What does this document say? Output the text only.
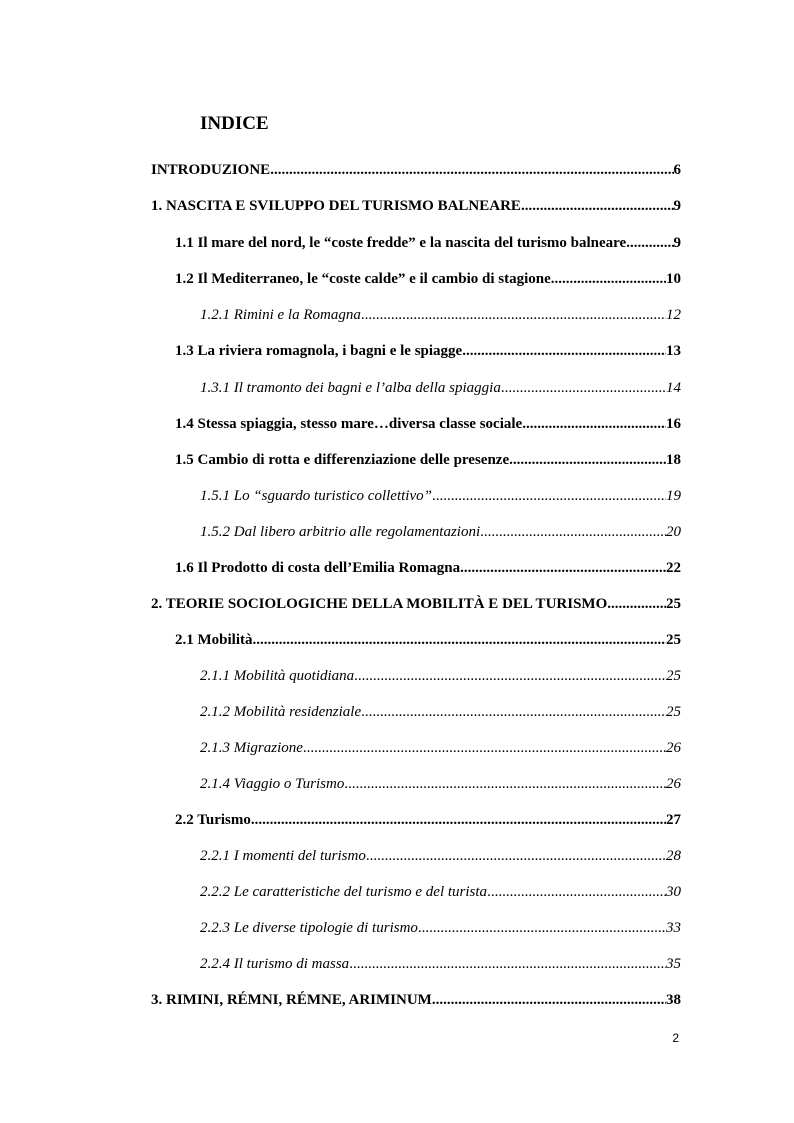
INDICE
INTRODUZIONE .....	6
1. NASCITA E SVILUPPO DEL TURISMO BALNEARE .....	9
1.1 Il mare del nord, le “coste fredde” e la nascita del turismo balneare .....	9
1.2 Il Mediterraneo, le “coste calde” e il cambio di stagione .....	10
1.2.1 Rimini e la Romagna .....	12
1.3 La riviera romagnola, i bagni e le spiagge .....	13
1.3.1 Il tramonto dei bagni e l’alba della spiaggia .....	14
1.4 Stessa spiaggia, stesso mare…diversa classe sociale .....	16
1.5 Cambio di rotta e differenziazione delle presenze .....	18
1.5.1 Lo “sguardo turistico collettivo” .....	19
1.5.2 Dal libero arbitrio alle regolamentazioni .....	20
1.6 Il Prodotto di costa dell’Emilia Romagna .....	22
2. TEORIE SOCIOLOGICHE DELLA MOBILITÀ E DEL TURISMO .....	25
2.1 Mobilità .....	25
2.1.1 Mobilità quotidiana .....	25
2.1.2 Mobilità residenziale .....	25
2.1.3 Migrazione .....	26
2.1.4 Viaggio o Turismo .....	26
2.2 Turismo .....	27
2.2.1 I momenti del turismo .....	28
2.2.2 Le caratteristiche del turismo e del turista .....	30
2.2.3 Le diverse tipologie di turismo .....	33
2.2.4 Il turismo di massa .....	35
3. RIMINI, RÉMNI, RÉMNE, ARIMINUM .....	38
2
